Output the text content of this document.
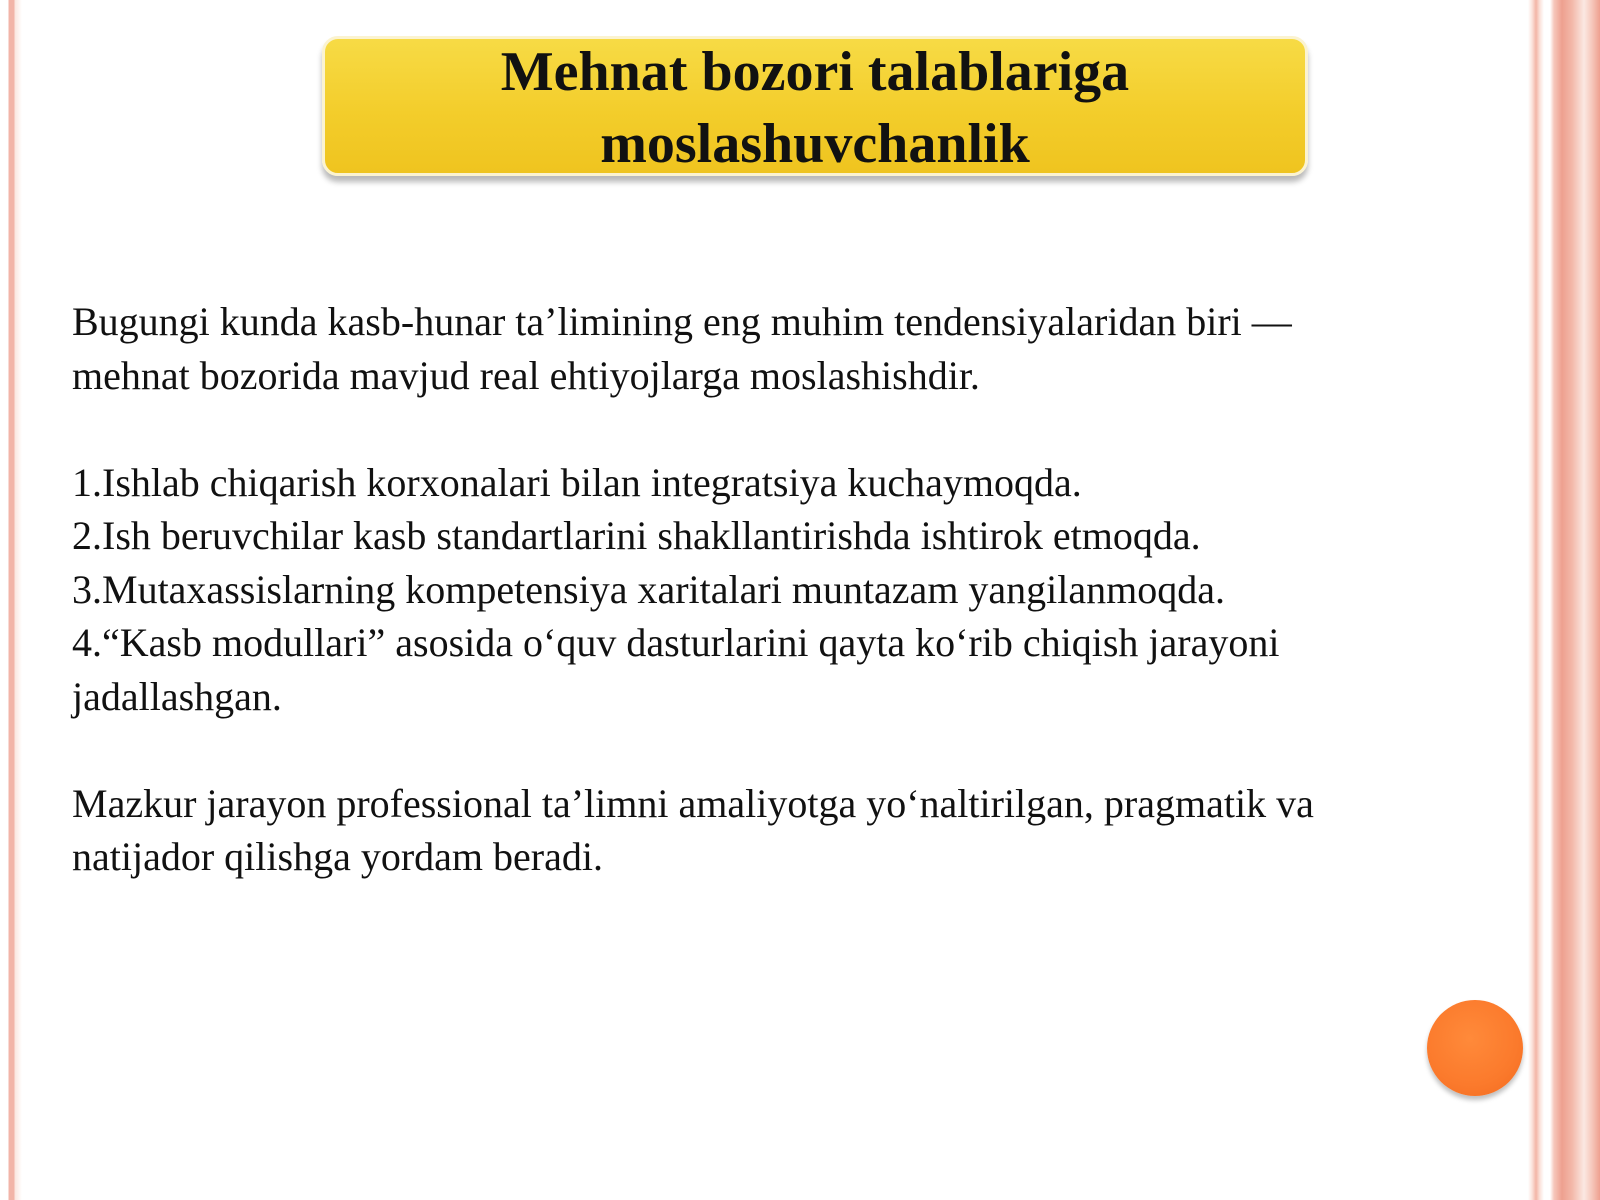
Mehnat bozori talablariga
moslashuvchanlik

Bugungi kunda kasb-hunar ta’limining eng muhim tendensiyalaridan biri —

mehnat bozorida mavjud real ehtiyojlarga moslashishdir.

1.Ishlab chiqarish korxonalari bilan integratsiya kuchaymoqda.

2.Ish beruvchilar kasb standartlarini shakllantirishda ishtirok etmoqda.

3.Mutaxassislarning kompetensiya xaritalari muntazam yangilanmoqda.

4.“Kasb modullari” asosida o‘quv dasturlarini qayta ko‘rib chiqish jarayoni

jadallashgan.

Mazkur jarayon professional ta’limni amaliyotga yo‘naltirilgan, pragmatik va

natijador qilishga yordam beradi.
